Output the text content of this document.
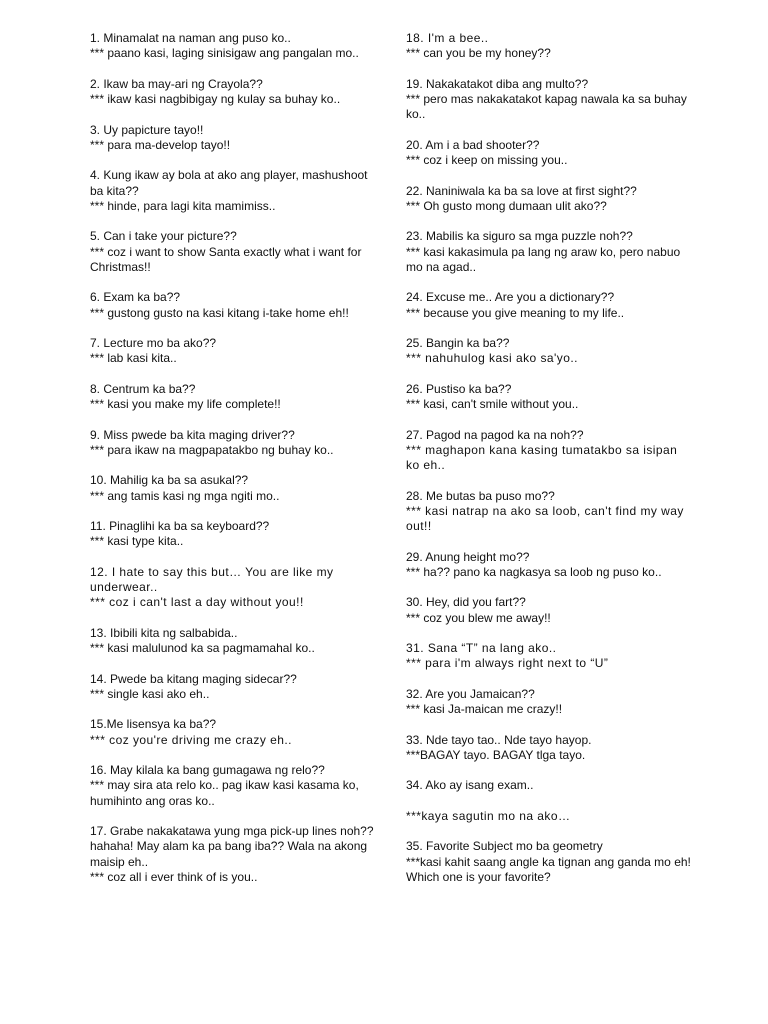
1. Minamalat na naman ang puso ko..
*** paano kasi, laging sinisigaw ang pangalan mo..
2. Ikaw ba may-ari ng Crayola??
*** ikaw kasi nagbibigay ng kulay sa buhay ko..
3. Uy papicture tayo!!
*** para ma-develop tayo!!
4. Kung ikaw ay bola at ako ang player, mashushoot ba kita??
*** hinde, para lagi kita mamimiss..
5. Can i take your picture??
*** coz i want to show Santa exactly what i want for Christmas!!
6. Exam ka ba??
*** gustong gusto na kasi kitang i-take home eh!!
7. Lecture mo ba ako??
*** lab kasi kita..
8. Centrum ka ba??
*** kasi you make my life complete!!
9. Miss pwede ba kita maging driver??
*** para ikaw na magpapatakbo ng buhay ko..
10. Mahilig ka ba sa asukal??
*** ang tamis kasi ng mga ngiti mo..
11. Pinaglihi ka ba sa keyboard??
*** kasi type kita..
12. I hate to say this but… You are like my underwear..
*** coz i can't last a day without you!!
13. Ibibili kita ng salbabida..
*** kasi malulunod ka sa pagmamahal ko..
14. Pwede ba kitang maging sidecar??
*** single kasi ako eh..
15.Me lisensya ka ba??
*** coz you're driving me crazy eh..
16. May kilala ka bang gumagawa ng relo??
*** may sira ata relo ko.. pag ikaw kasi kasama ko, humihinto ang oras ko..
17. Grabe nakakatawa yung mga pick-up lines noh?? hahaha! May alam ka pa bang iba?? Wala na akong maisip eh..
*** coz all i ever think of is you..
18. I'm a bee..
*** can you be my honey??
19. Nakakatakot diba ang multo??
*** pero mas nakakatakot kapag nawala ka sa buhay ko..
20. Am i a bad shooter??
*** coz i keep on missing you..
22. Naniniwala ka ba sa love at first sight??
*** Oh gusto mong dumaan ulit ako??
23. Mabilis ka siguro sa mga puzzle noh??
*** kasi kakasimula pa lang ng araw ko, pero nabuo mo na agad..
24. Excuse me.. Are you a dictionary??
*** because you give meaning to my life..
25. Bangin ka ba??
*** nahuhulog kasi ako sa'yo..
26. Pustiso ka ba??
*** kasi, can't smile without you..
27. Pagod na pagod ka na noh??
*** maghapon kana kasing tumatakbo sa isipan ko eh..
28. Me butas ba puso mo??
*** kasi natrap na ako sa loob, can't find my way out!!
29. Anung height mo??
*** ha?? pano ka nagkasya sa loob ng puso ko..
30. Hey, did you fart??
*** coz you blew me away!!
31. Sana “T” na lang ako..
*** para i'm always right next to “U”
32. Are you Jamaican??
*** kasi Ja-maican me crazy!!
33. Nde tayo tao.. Nde tayo hayop.
***BAGAY tayo. BAGAY tlga tayo.
34. Ako ay isang exam..
***kaya sagutin mo na ako…
35. Favorite Subject mo ba geometry
***kasi kahit saang angle ka tignan ang ganda mo eh! Which one is your favorite?
